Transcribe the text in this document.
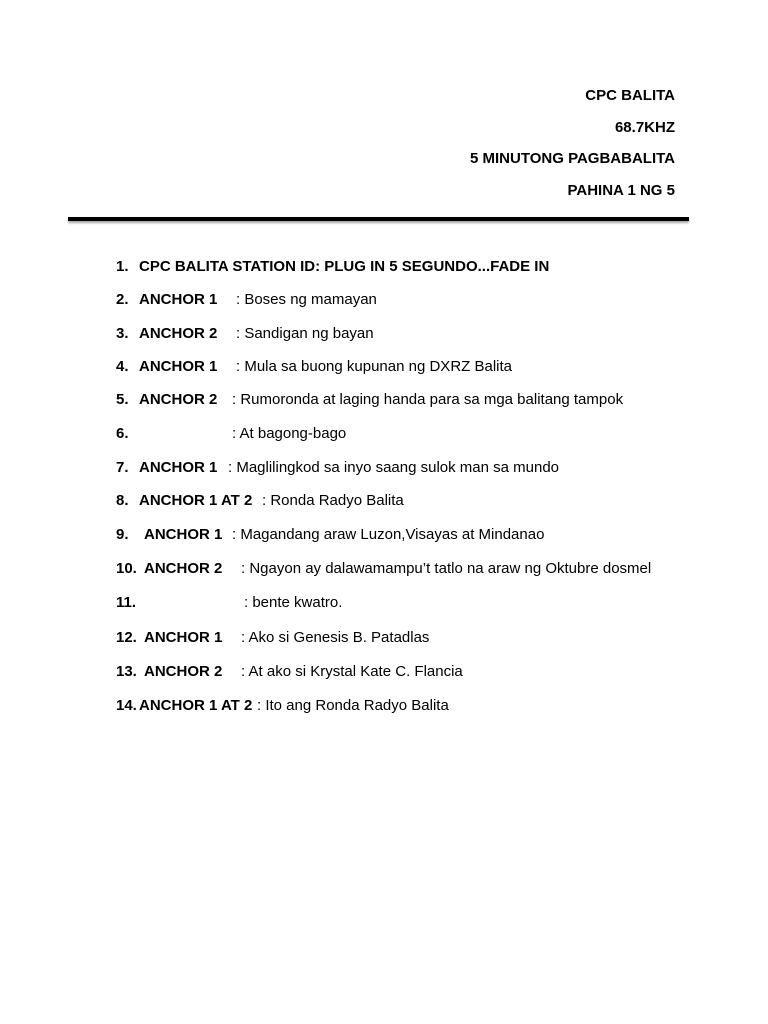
CPC BALITA
68.7KHZ
5 MINUTONG PAGBABALITA
PAHINA 1 NG 5
1. CPC BALITA STATION ID: PLUG IN 5 SEGUNDO...FADE IN
2. ANCHOR 1 : Boses ng mamayan
3. ANCHOR 2 : Sandigan ng bayan
4. ANCHOR 1 : Mula sa buong kupunan ng DXRZ Balita
5. ANCHOR 2 : Rumoronda at laging handa para sa mga balitang tampok
6.	: At bagong-bago
7. ANCHOR 1 : Maglilingkod sa inyo saang sulok man sa mundo
8. ANCHOR 1 AT 2 : Ronda Radyo Balita
9. ANCHOR 1 : Magandang araw Luzon,Visayas at Mindanao
10. ANCHOR 2 : Ngayon ay dalawamampu’t tatlo na araw ng Oktubre dosmel
11.	: bente kwatro.
12. ANCHOR 1 : Ako si Genesis B. Patadlas
13. ANCHOR 2 : At ako si Krystal Kate C. Flancia
14. ANCHOR 1 AT 2 : Ito ang Ronda Radyo Balita
